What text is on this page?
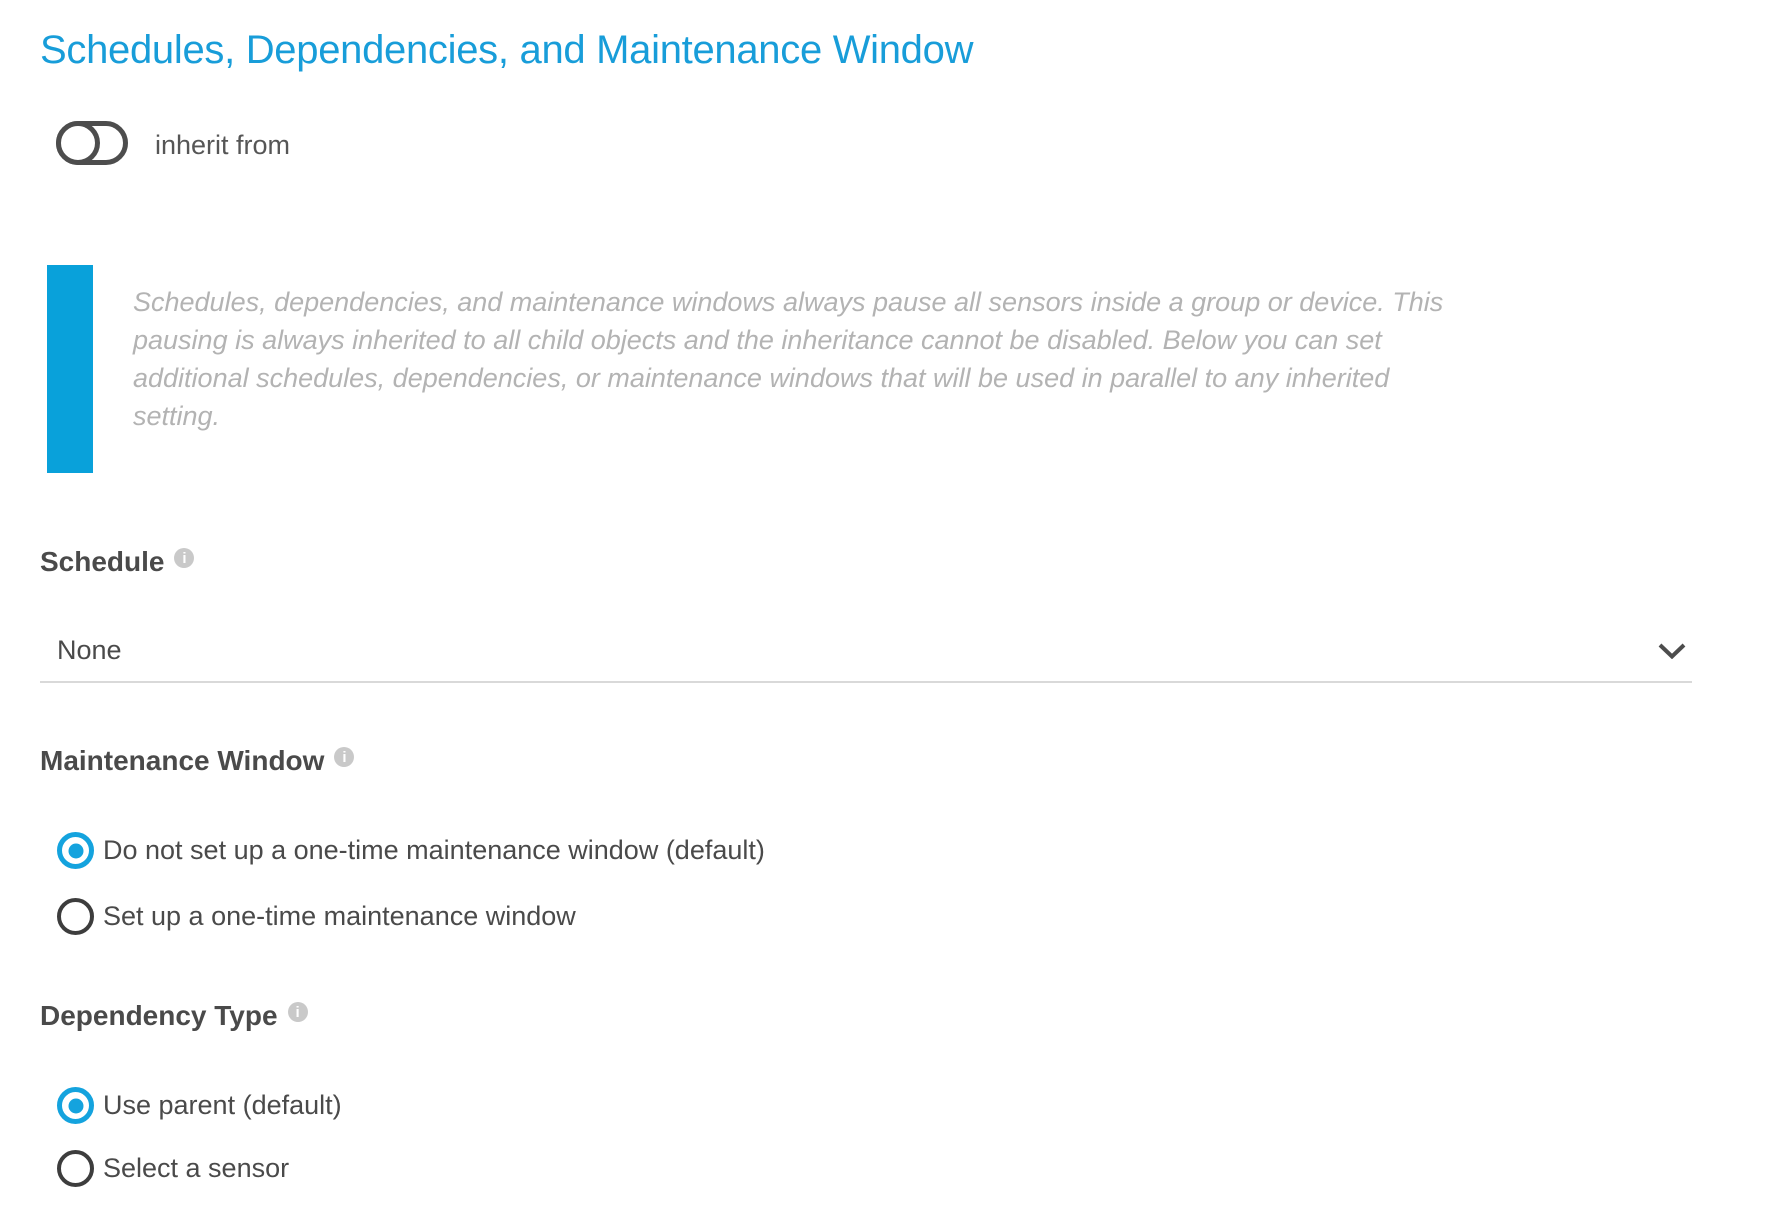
Schedules, Dependencies, and Maintenance Window
inherit from
Schedules, dependencies, and maintenance windows always pause all sensors inside a group or device. This
pausing is always inherited to all child objects and the inheritance cannot be disabled. Below you can set
additional schedules, dependencies, or maintenance windows that will be used in parallel to any inherited
setting.
Schedule i
None
Maintenance Window i
Do not set up a one-time maintenance window (default)
Set up a one-time maintenance window
Dependency Type i
Use parent (default)
Select a sensor
